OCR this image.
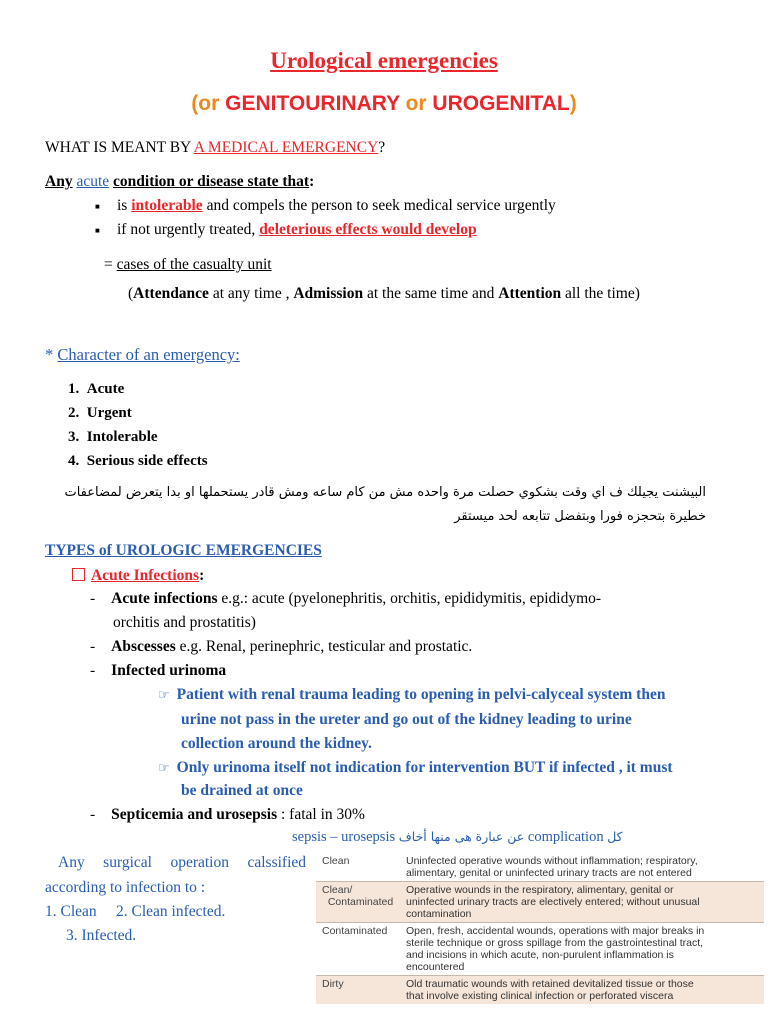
Urological emergencies
(or GENITOURINARY or UROGENITAL)
WHAT IS MEANT BY A MEDICAL EMERGENCY?
Any acute condition or disease state that:
■ is intolerable and compels the person to seek medical service urgently
■ if not urgently treated, deleterious effects would develop
= cases of the casualty unit
(Attendance at any time , Admission at the same time and Attention all the time)
* Character of an emergency:
1.  Acute
2.  Urgent
3.  Intolerable
4.  Serious side effects
البيشنت يجيلك ف اي وقت بشكوي حصلت مرة واحده مش من كام ساعه ومش قادر يستحملها او بدا يتعرض لمضاعفات
خطيرة بتحجزه فورا وبتفضل تتابعه لحد ميستقر
TYPES of UROLOGIC EMERGENCIES
Acute Infections:
- Acute infections e.g.: acute (pyelonephritis, orchitis, epididymitis, epididymo-
orchitis and prostatitis)
- Abscesses e.g. Renal, perinephric, testicular and prostatic.
- Infected urinoma
☞ Patient with renal trauma leading to opening in pelvi-calyceal system then
urine not pass in the ureter and go out of the kidney leading to urine
collection around the kidney.
☞ Only urinoma itself not indication for intervention BUT if infected , it must
be drained at once
- Septicemia and urosepsis : fatal in 30%
sepsis – urosepsis عن عبارة هى منها أخاف complication كل
Any surgical operation calssified
according to infection to :
1. Clean 2. Clean infected.
3. Infected.
Clean	Uninfected operative wounds without inflammation; respiratory,
alimentary, genital or uninfected urinary tracts are not entered
Clean/
Contaminated	Operative wounds in the respiratory, alimentary, genital or
uninfected urinary tracts are electively entered; without unusual
contamination
Contaminated	Open, fresh, accidental wounds, operations with major breaks in
sterile technique or gross spillage from the gastrointestinal tract,
and incisions in which acute, non-purulent inflammation is
encountered
Dirty	Old traumatic wounds with retained devitalized tissue or those
that involve existing clinical infection or perforated viscera
